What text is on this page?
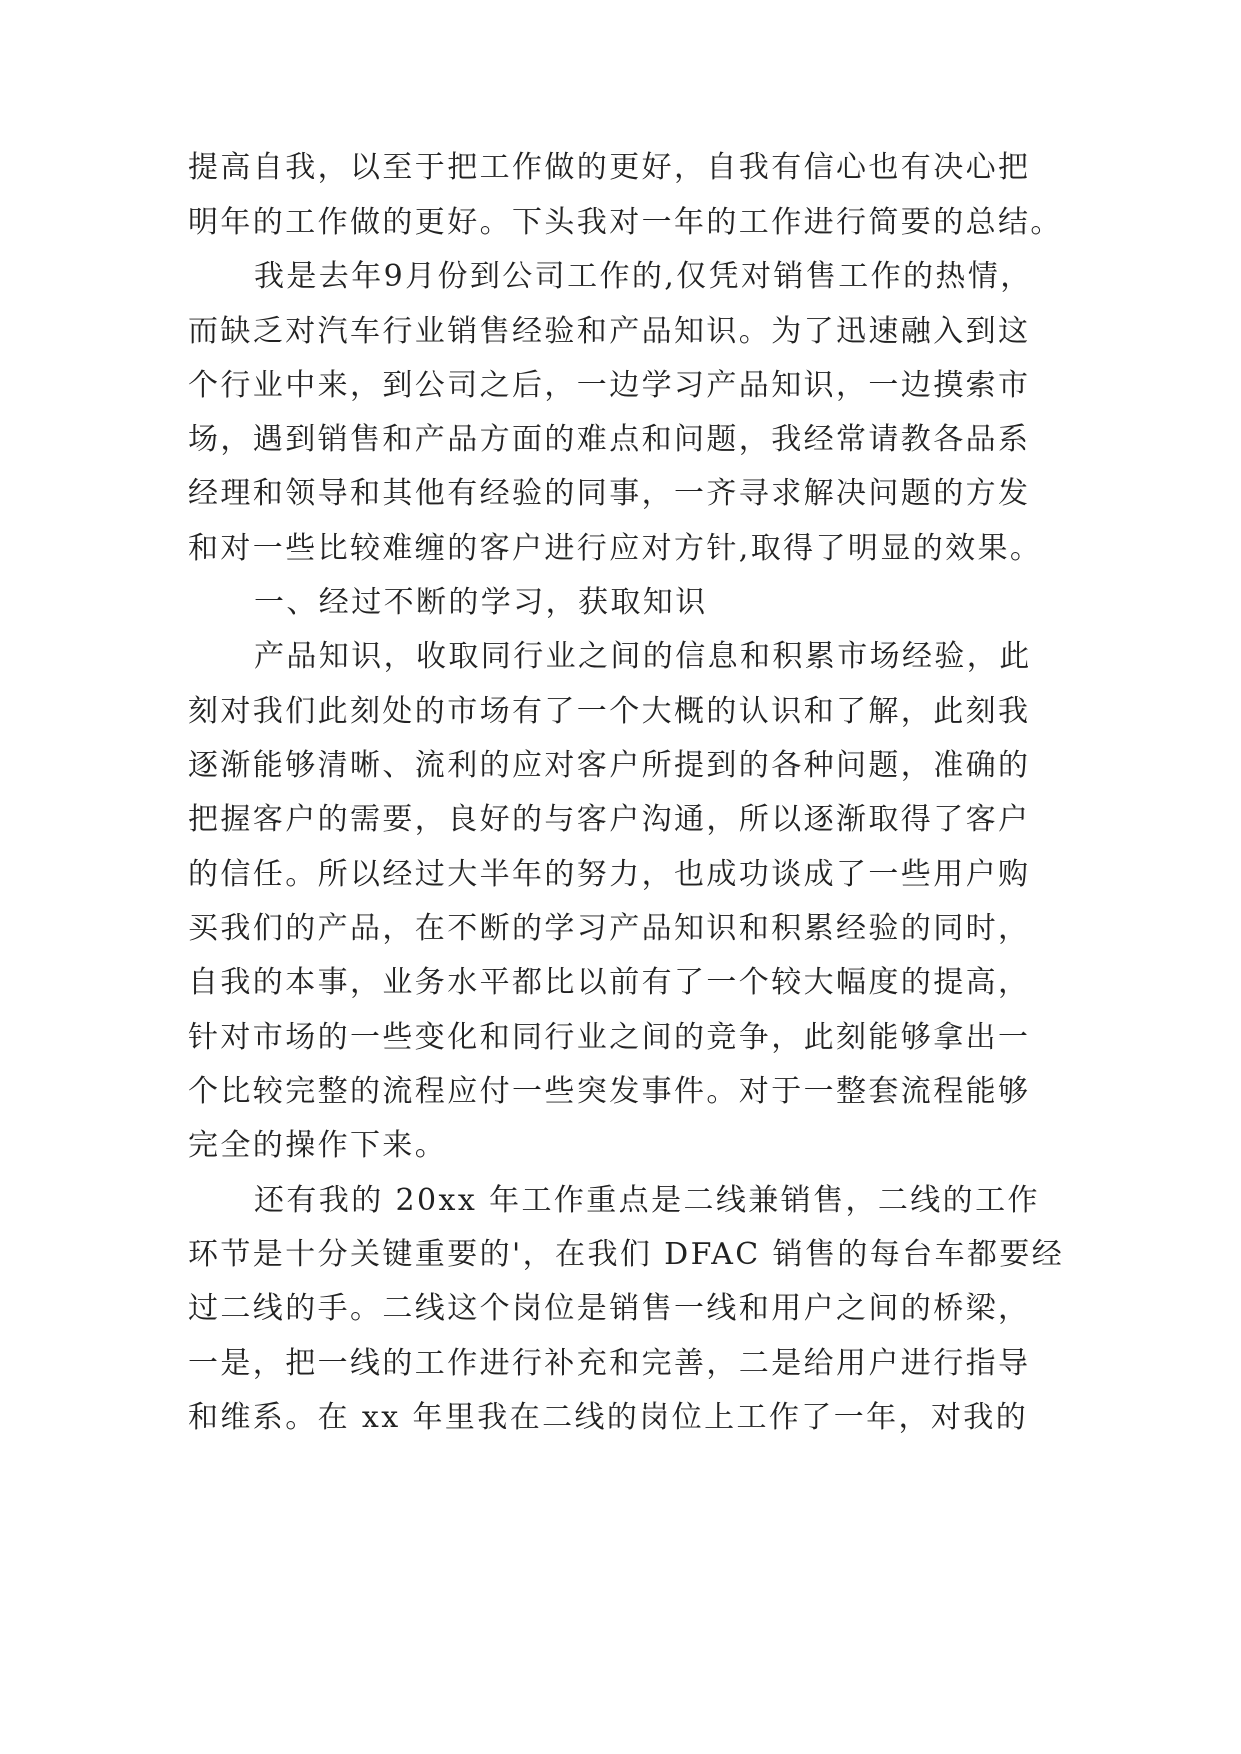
提高自我，以至于把工作做的更好，自我有信心也有决心把
明年的工作做的更好。下头我对一年的工作进行简要的总结。
我是去年9月份到公司工作的,仅凭对销售工作的热情，
而缺乏对汽车行业销售经验和产品知识。为了迅速融入到这
个行业中来，到公司之后，一边学习产品知识，一边摸索市
场，遇到销售和产品方面的难点和问题，我经常请教各品系
经理和领导和其他有经验的同事，一齐寻求解决问题的方发
和对一些比较难缠的客户进行应对方针,取得了明显的效果。
一、经过不断的学习，获取知识
产品知识，收取同行业之间的信息和积累市场经验，此
刻对我们此刻处的市场有了一个大概的认识和了解，此刻我
逐渐能够清晰、流利的应对客户所提到的各种问题，准确的
把握客户的需要，良好的与客户沟通，所以逐渐取得了客户
的信任。所以经过大半年的努力，也成功谈成了一些用户购
买我们的产品，在不断的学习产品知识和积累经验的同时，
自我的本事，业务水平都比以前有了一个较大幅度的提高，
针对市场的一些变化和同行业之间的竞争，此刻能够拿出一
个比较完整的流程应付一些突发事件。对于一整套流程能够
完全的操作下来。
还有我的 20xx 年工作重点是二线兼销售，二线的工作
环节是十分关键重要的'，在我们 DFAC 销售的每台车都要经
过二线的手。二线这个岗位是销售一线和用户之间的桥梁，
一是，把一线的工作进行补充和完善，二是给用户进行指导
和维系。在 xx 年里我在二线的岗位上工作了一年，对我的
